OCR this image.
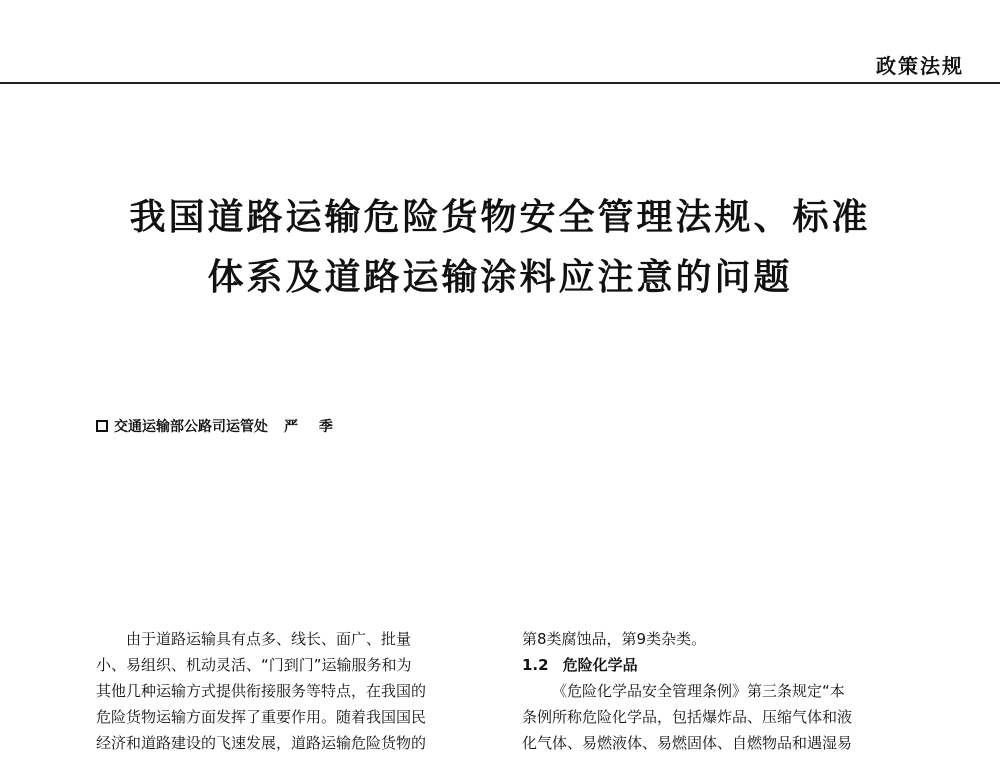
政策法规
我国道路运输危险货物安全管理法规、标准
体系及道路运输涂料应注意的问题
交通运输部公路司运管处 严 季
由于道路运输具有点多、线长、面广、批量
小、易组织、机动灵活、“门到门”运输服务和为
其他几种运输方式提供衔接服务等特点，在我国的
危险货物运输方面发挥了重要作用。随着我国国民
经济和道路建设的飞速发展，道路运输危险货物的
第8类腐蚀品，第9类杂类。
1.2 危险化学品
《危险化学品安全管理条例》第三条规定“本
条例所称危险化学品，包括爆炸品、压缩气体和液
化气体、易燃液体、易燃固体、自燃物品和遇湿易
